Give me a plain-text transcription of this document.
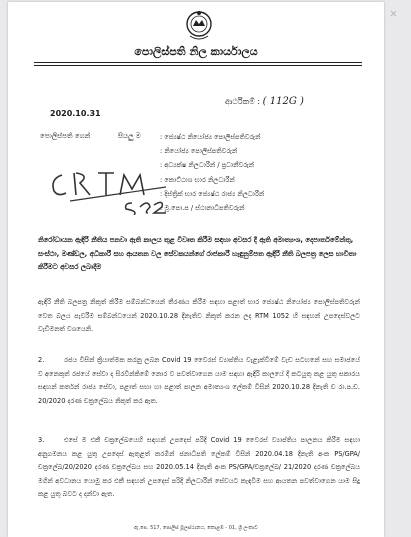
පොලිස්පති නිල කාර්යාලය
ආර්ථිකම් : ( 112G )
2020.10.31
පොලිස්පති ගෙන්	සියලු ම	: ජ්‍යෙෂ්ඨ නියෝජ්‍ය පොලිස්පතිවරුන්
: නියෝජ්‍ය පොලිස්පතිවරුන්
: අධ්‍යක්ෂ නිලධාරීන් / ප්‍රධානීවරුන්
: කොට්ඨාශ භාර නිලධාරීන්
: දිස්ත්‍රික් භාර ජ්‍යෙෂ්ඨ රාජ්‍ය නිලධාරීන්
: මූ.පො.ප / ස්ථානාධිපතිවරුන්
නිරෝධායන ඇඳිරි නීතිය පනවා ඇති කාලය තුළ විවෘත කිරීම සඳහා අවසර දී ඇති අමාත්‍යංශ, දෙපාර්තමේන්තු, සංස්ථා, මණ්ඩල, අධිකාරී සහ ආයතන වල සේවකයන්ගේ රාජකාරී හැඳුනුම්පත ඇඳිරි නීති බලපත්‍ර ලෙස භාවිතා කිරීමට අවසර ලබාදීම
ඇඳිරි නීති බලපත්‍ර නිකුත් කිරීම සම්බන්ධයෙන් තීරණය කිරීම සඳහා පළාත් භාර ජ්‍යෙෂ්ඨ නියෝජ්‍ය පොලිස්පතිවරුන් වෙත බලය පැවරීම සම්බන්ධයෙන් 2020.10.28 දිනැතිව නිකුත් කරන ලද RTM 1052 හි සඳහන් උපදෙස්වලට වැඩිමනත් වශයෙනි.
2.	රජය විසින් ක්‍රියාත්මක කරනු ලබන Covid 19 වෛරස් ව්‍යාප්තිය වැළැක්වීමේ වැඩ සටහනේ සහ සමාජයේ ව අනෙකුත් රජයේ සේවා ද සිරවින්කිමේ නොර ව පවත්වාගෙන යාම සඳහා ඇඳිරි කාලයේ දී කටයුතු කළ යුතු සකාරය සඳහන් කර්තන් රාජ්‍ය සේවා, පළාත් සභා හා පළාත් පාලන අමාත්‍යංශ ලේකම් විසින් 2020.10.28 දිනැති ච රා.ප.ච. 20/2020 දරණ චක්‍රලේඛය නිකුත් කර ඇත.
3.	එසේ ම එකී චක්‍රලේඛයෙහි සඳහන් උපදෙස් පරිදි Covid 19 වෛරස් ව්‍යාප්තිය පාලනය කිරීම සඳහා අනුගමනය කළ යුතු උපදෙස් ඇතුළත් කරමින් ජනාධිපති ලේකම් විසින් 2020.04.18 දිනැති අංක PS/GPA/චක්‍රලේඛ/20/2020 දරණ චක්‍රලේඛය සහ 2020.05.14 දිනැති අංක PS/GPA/චක්‍රලේඛ/ 21/2020 දරණ චක්‍රලේඛය මගින් අවධානය යොමු කර එකී සඳහන් උපදෙස් පරිදි නිලධාරීන් සේවයට කැඳවීම සහ ආයතන පවත්වාගෙන යාම සිදු කළ යුතු බවට ද දන්වා ඇත.
ඇ.පෙ. 517, පොලිස් මූලස්ථානය, කොළඹ - 01, ශ්‍රී ලංකාව
